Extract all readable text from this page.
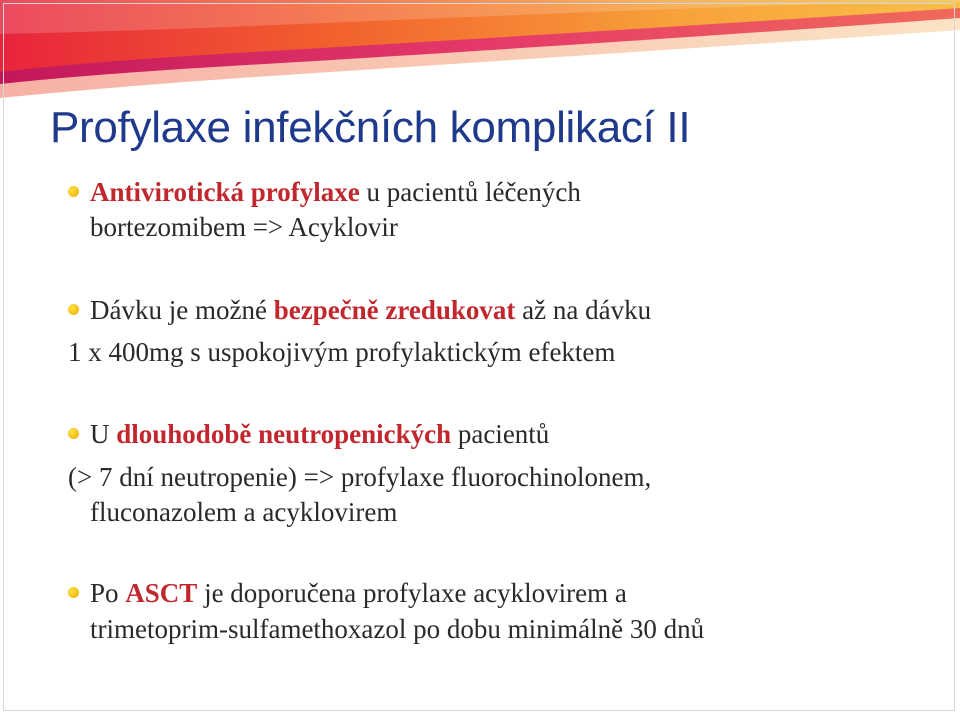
Profylaxe infekčních komplikací II
Antivirotická profylaxe u pacientů léčených
bortezomibem => Acyklovir
Dávku je možné bezpečně zredukovat až na dávku
1 x 400mg s uspokojivým profylaktickým efektem
U dlouhodobě neutropenických pacientů
(> 7 dní neutropenie) => profylaxe fluorochinolonem,
fluconazolem a acyklovirem
Po ASCT je doporučena profylaxe acyklovirem a
trimetoprim-sulfamethoxazol po dobu minimálně 30 dnů
